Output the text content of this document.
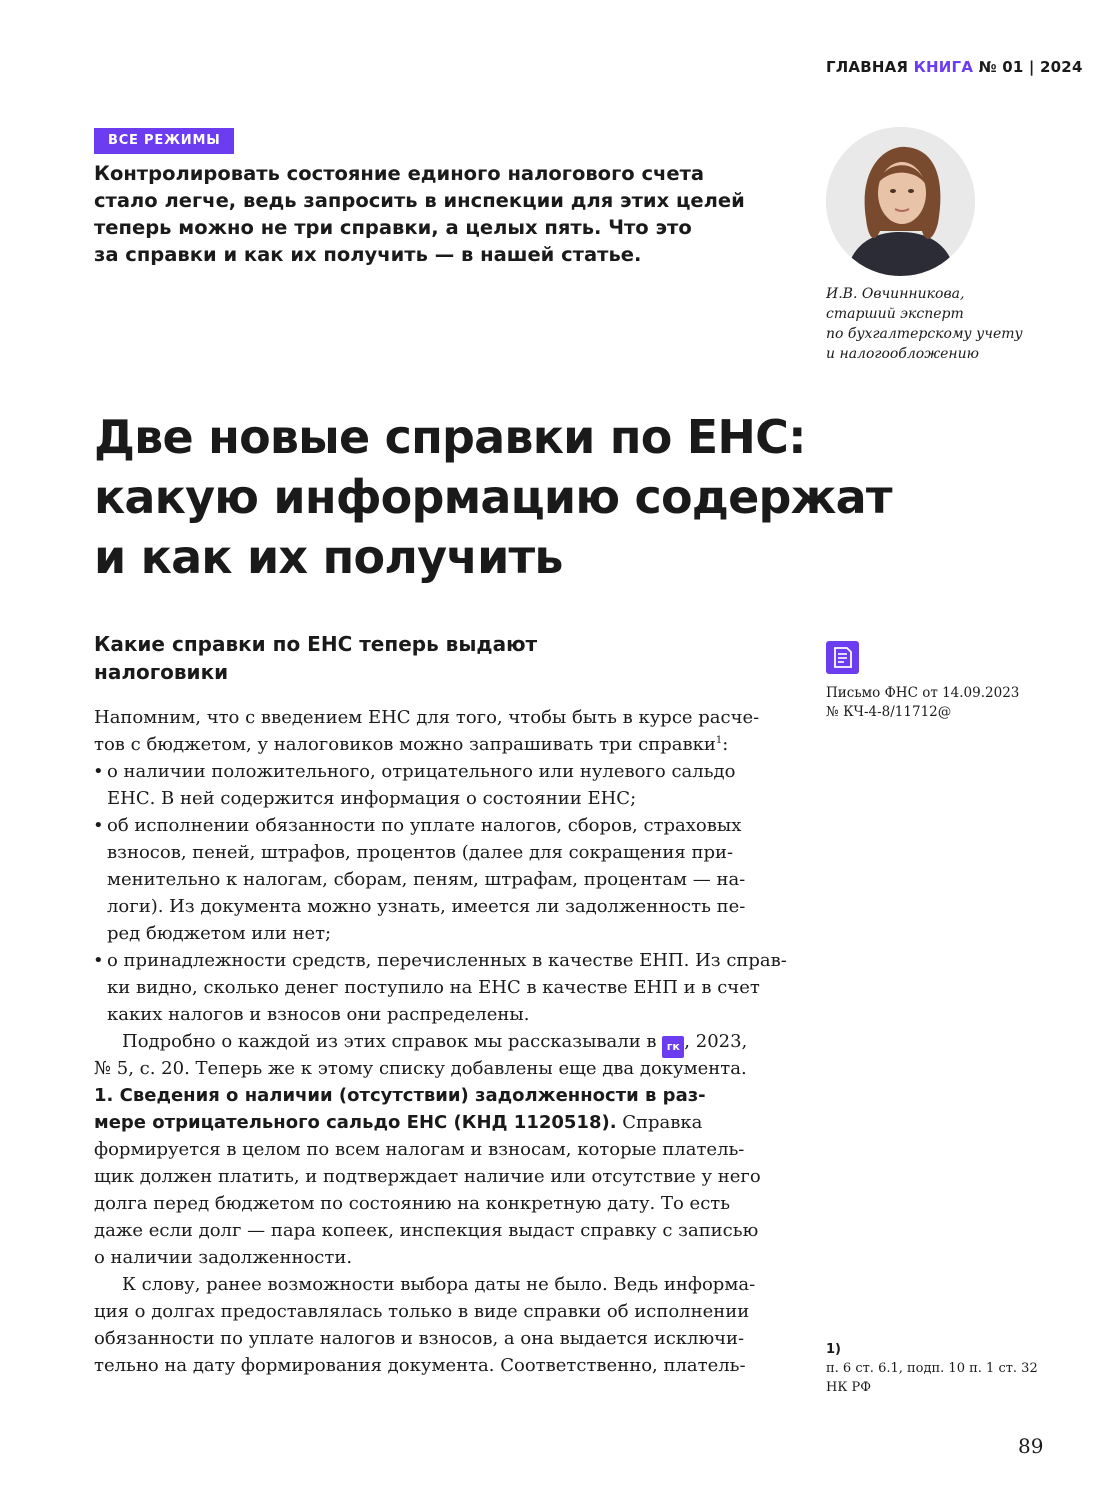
ГЛАВНАЯ КНИГА № 01 | 2024
ВСЕ РЕЖИМЫ
Контролировать состояние единого налогового счета
стало легче, ведь запросить в инспекции для этих целей
теперь можно не три справки, а целых пять. Что это
за справки и как их получить — в нашей статье.
И.В. Овчинникова,
старший эксперт
по бухгалтерскому учету
и налогообложению
Две новые справки по ЕНС:
какую информацию содержат
и как их получить
Какие справки по ЕНС теперь выдают
налоговики
Напомним, что с введением ЕНС для того, чтобы быть в курсе расче-
тов с бюджетом, у налоговиков можно запрашивать три справки$^1$:
• о наличии положительного, отрицательного или нулевого сальдо
ЕНС. В ней содержится информация о состоянии ЕНС;
• об исполнении обязанности по уплате налогов, сборов, страховых
взносов, пеней, штрафов, процентов (далее для сокращения при-
менительно к налогам, сборам, пеням, штрафам, процентам — на-
логи). Из документа можно узнать, имеется ли задолженность пе-
ред бюджетом или нет;
• о принадлежности средств, перечисленных в качестве ЕНП. Из справ-
ки видно, сколько денег поступило на ЕНС в качестве ЕНП и в счет
каких налогов и взносов они распределены.
Подробно о каждой из этих справок мы рассказывали в гк , 2023,
№ 5, с. 20. Теперь же к этому списку добавлены еще два документа.
1. Сведения о наличии (отсутствии) задолженности в раз-
мере отрицательного сальдо ЕНС (КНД 1120518). Справка
формируется в целом по всем налогам и взносам, которые платель-
щик должен платить, и подтверждает наличие или отсутствие у него
долга перед бюджетом по состоянию на конкретную дату. То есть
даже если долг — пара копеек, инспекция выдаст справку с записью
о наличии задолженности.
К слову, ранее возможности выбора даты не было. Ведь информа-
ция о долгах предоставлялась только в виде справки об исполнении
обязанности по уплате налогов и взносов, а она выдается исключи-
тельно на дату формирования документа. Соответственно, платель-
Письмо ФНС от 14.09.2023
№ КЧ-4-8/11712@
1)
п. 6 ст. 6.1, подп. 10 п. 1 ст. 32
НК РФ
89
